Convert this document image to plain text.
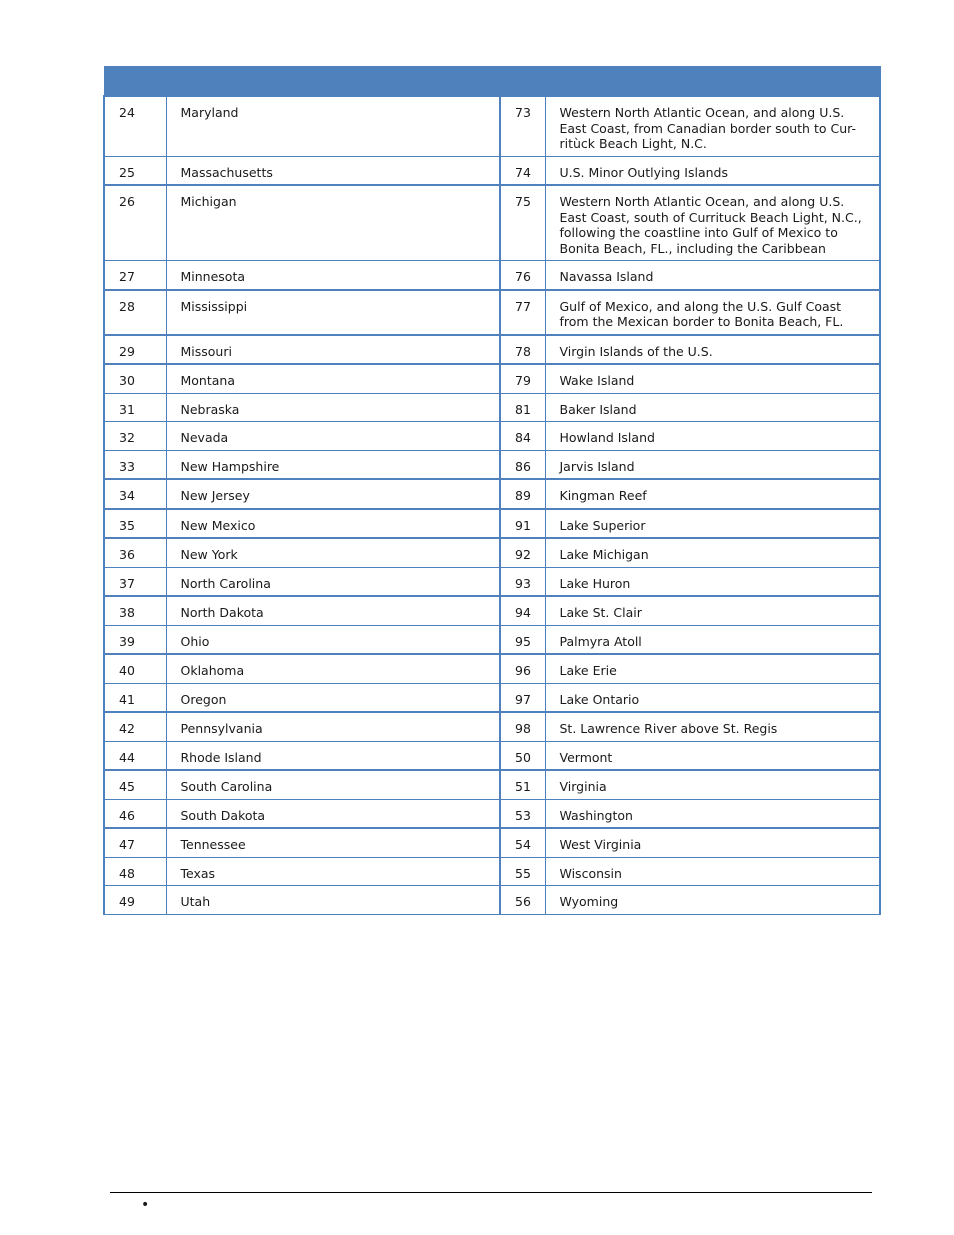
24	Maryland	73	Western North Atlantic Ocean, and along U.S. East Coast, from Canadian border south to Cur-ritùck Beach Light, N.C.
25	Massachusetts	74	U.S. Minor Outlying Islands
26	Michigan	75	Western North Atlantic Ocean, and along U.S. East Coast, south of Currituck Beach Light, N.C., following the coastline into Gulf of Mexico to Bonita Beach, FL., including the Caribbean
27	Minnesota	76	Navassa Island
28	Mississippi	77	Gulf of Mexico, and along the U.S. Gulf Coast from the Mexican border to Bonita Beach, FL.
29	Missouri	78	Virgin Islands of the U.S.
30	Montana	79	Wake Island
31	Nebraska	81	Baker Island
32	Nevada	84	Howland Island
33	New Hampshire	86	Jarvis Island
34	New Jersey	89	Kingman Reef
35	New Mexico	91	Lake Superior
36	New York	92	Lake Michigan
37	North Carolina	93	Lake Huron
38	North Dakota	94	Lake St. Clair
39	Ohio	95	Palmyra Atoll
40	Oklahoma	96	Lake Erie
41	Oregon	97	Lake Ontario
42	Pennsylvania	98	St. Lawrence River above St. Regis
44	Rhode Island	50	Vermont
45	South Carolina	51	Virginia
46	South Dakota	53	Washington
47	Tennessee	54	West Virginia
48	Texas	55	Wisconsin
49	Utah	56	Wyoming
•
